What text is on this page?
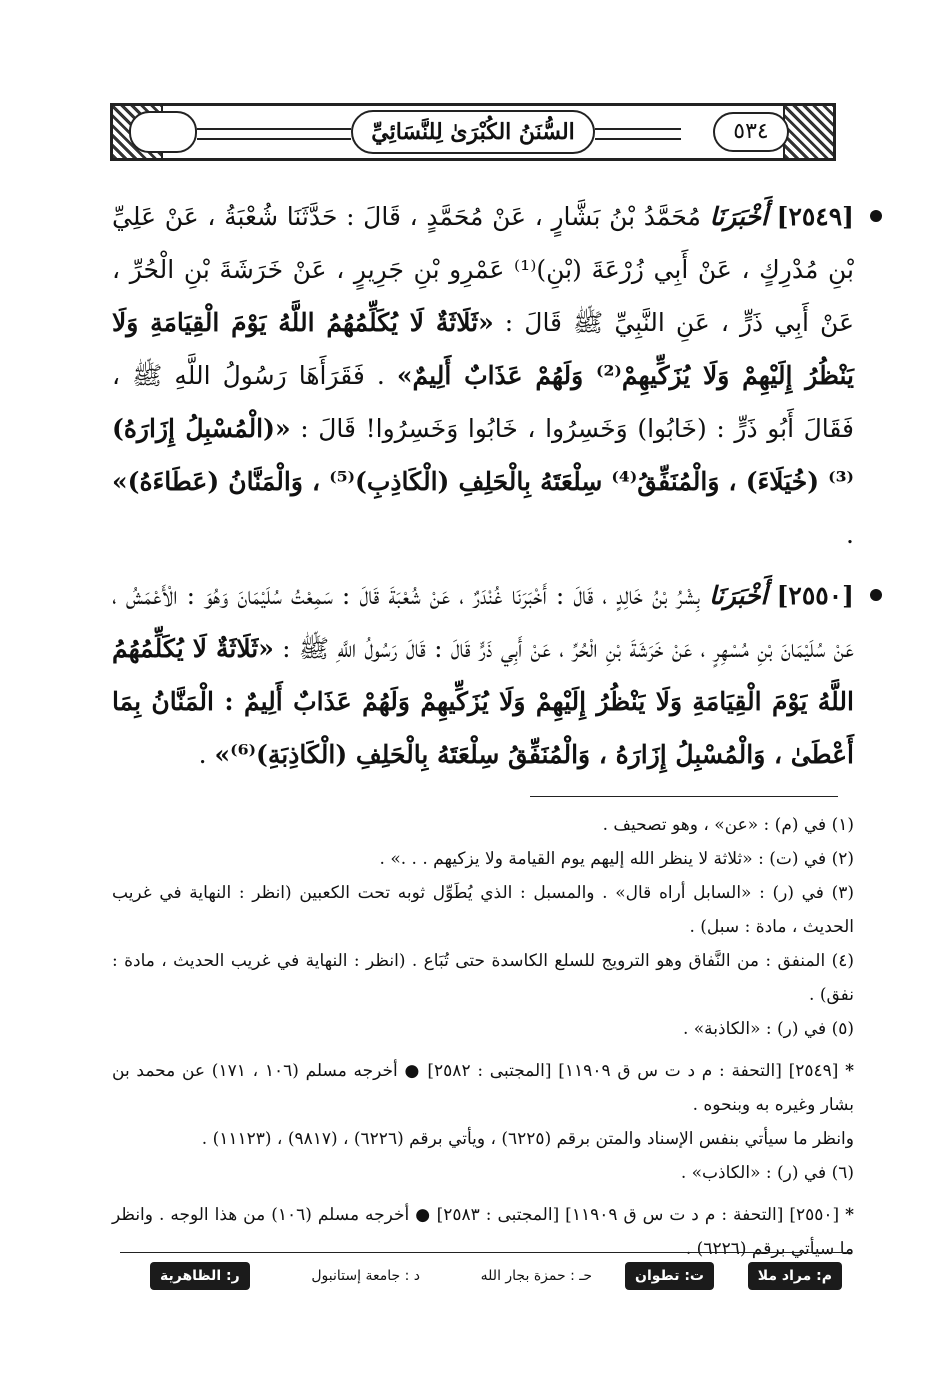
السُّنَنُ الكُبْرَىٰ لِلنَّسَائِيِّ	٥٣٤

[٢٥٤٩] أَخْبَرَنَا مُحَمَّدُ بْنُ بَشَّارٍ ، عَنْ مُحَمَّدٍ ، قَالَ : حَدَّثَنَا شُعْبَةُ ، عَنْ عَلِيِّ بْنِ مُدْرِكٍ ، عَنْ أَبِي زُرْعَةَ (بْنِ)⁽¹⁾ عَمْرِو بْنِ جَرِيرٍ ، عَنْ خَرَشَةَ بْنِ الْحُرِّ ، عَنْ أَبِي ذَرٍّ ، عَنِ النَّبِيِّ ﷺ قَالَ : «ثَلَاثَةٌ لَا يُكَلِّمُهُمُ اللَّهُ يَوْمَ الْقِيَامَةِ وَلَا يَنْظُرُ إِلَيْهِمْ وَلَا يُزَكِّيهِمْ⁽²⁾ وَلَهُمْ عَذَابٌ أَلِيمٌ» . فَقَرَأَهَا رَسُولُ اللَّهِ ﷺ ، فَقَالَ أَبُو ذَرٍّ : (خَابُوا) وَخَسِرُوا ، خَابُوا وَخَسِرُوا! قَالَ : «(الْمُسْبِلُ إِزَارَهُ)⁽³⁾ (خُيَلَاءَ) ، وَالْمُنَفِّقُ⁽⁴⁾ سِلْعَتَهُ بِالْحَلِفِ (الْكَاذِبِ)⁽⁵⁾ ، وَالْمَنَّانُ (عَطَاءَهُ)» .

[٢٥٥٠] أَخْبَرَنَا بِشْرُ بْنُ خَالِدٍ ، قَالَ : أَخْبَرَنَا غُنْدَرٌ ، عَنْ شُعْبَةَ قَالَ : سَمِعْتُ سُلَيْمَانَ وَهُوَ : الْأَعْمَشُ ، عَنْ سُلَيْمَانَ بْنِ مُسْهِرٍ ، عَنْ خَرَشَةَ بْنِ الْحُرِّ ، عَنْ أَبِي ذَرٍّ قَالَ : قَالَ رَسُولُ اللَّهِ ﷺ : «ثَلَاثَةٌ لَا يُكَلِّمُهُمُ اللَّهُ يَوْمَ الْقِيَامَةِ وَلَا يَنْظُرُ إِلَيْهِمْ وَلَا يُزَكِّيهِمْ وَلَهُمْ عَذَابٌ أَلِيمٌ : الْمَنَّانُ بِمَا أَعْطَىٰ ، وَالْمُسْبِلُ إِزَارَهُ ، وَالْمُنَفِّقُ سِلْعَتَهُ بِالْحَلِفِ (الْكَاذِبَةِ)⁽⁶⁾» .

(١) في (م) : «عن» ، وهو تصحيف .

(٢) في (ت) : «ثلاثة لا ينظر الله إليهم يوم القيامة ولا يزكيهم . . .» .

(٣) في (ر) : «السابل أراه قال» . والمسبل : الذي يُطَوِّل ثوبه تحت الكعبين (انظر : النهاية في غريب الحديث ، مادة : سبل) .

(٤) المنفق : من النَّفاق وهو الترويج للسلع الكاسدة حتى تُبَاع . (انظر : النهاية في غريب الحديث ، مادة : نفق) .

(٥) في (ر) : «الكاذبة» .

* [٢٥٤٩] [التحفة : م د ت س ق ١١٩٠٩] [المجتبى : ٢٥٨٢] ● أخرجه مسلم (١٠٦ ، ١٧١) عن محمد بن بشار وغيره به وبنحوه .

وانظر ما سيأتي بنفس الإسناد والمتن برقم (٦٢٢٥) ، ويأتي برقم (٦٢٢٦) ، (٩٨١٧) ، (١١١٢٣) .

(٦) في (ر) : «الكاذب» .

* [٢٥٥٠] [التحفة : م د ت س ق ١١٩٠٩] [المجتبى : ٢٥٨٣] ● أخرجه مسلم (١٠٦) من هذا الوجه . وانظر ما سيأتي برقم (٦٢٢٦) .

م: مراد ملا
ت: تطوان
حـ : حمزة بجار الله
د : جامعة إستانبول
ر: الظاهرية
